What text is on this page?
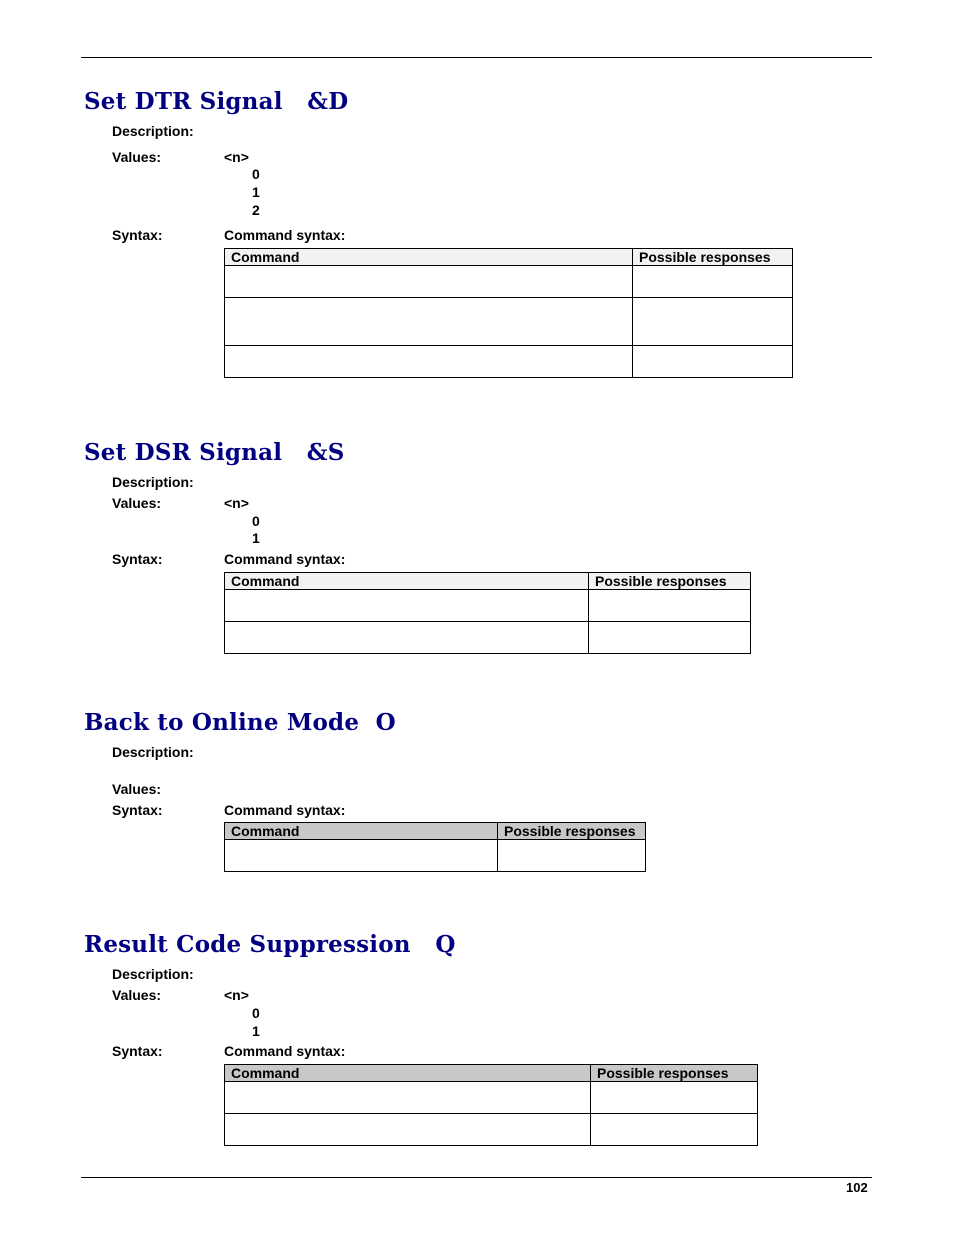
Set DTR Signal   &D
Description:
Values:	<n>
0
1
2
Syntax:	Command syntax:
Command	Possible responses

Set DSR Signal   &S
Description:
Values:	<n>
0
1
Syntax:	Command syntax:
Command	Possible responses

Back to Online Mode  O
Description:
Values:
Syntax:	Command syntax:
Command	Possible responses

Result Code Suppression   Q
Description:
Values:	<n>
0
1
Syntax:	Command syntax:
Command	Possible responses

102
